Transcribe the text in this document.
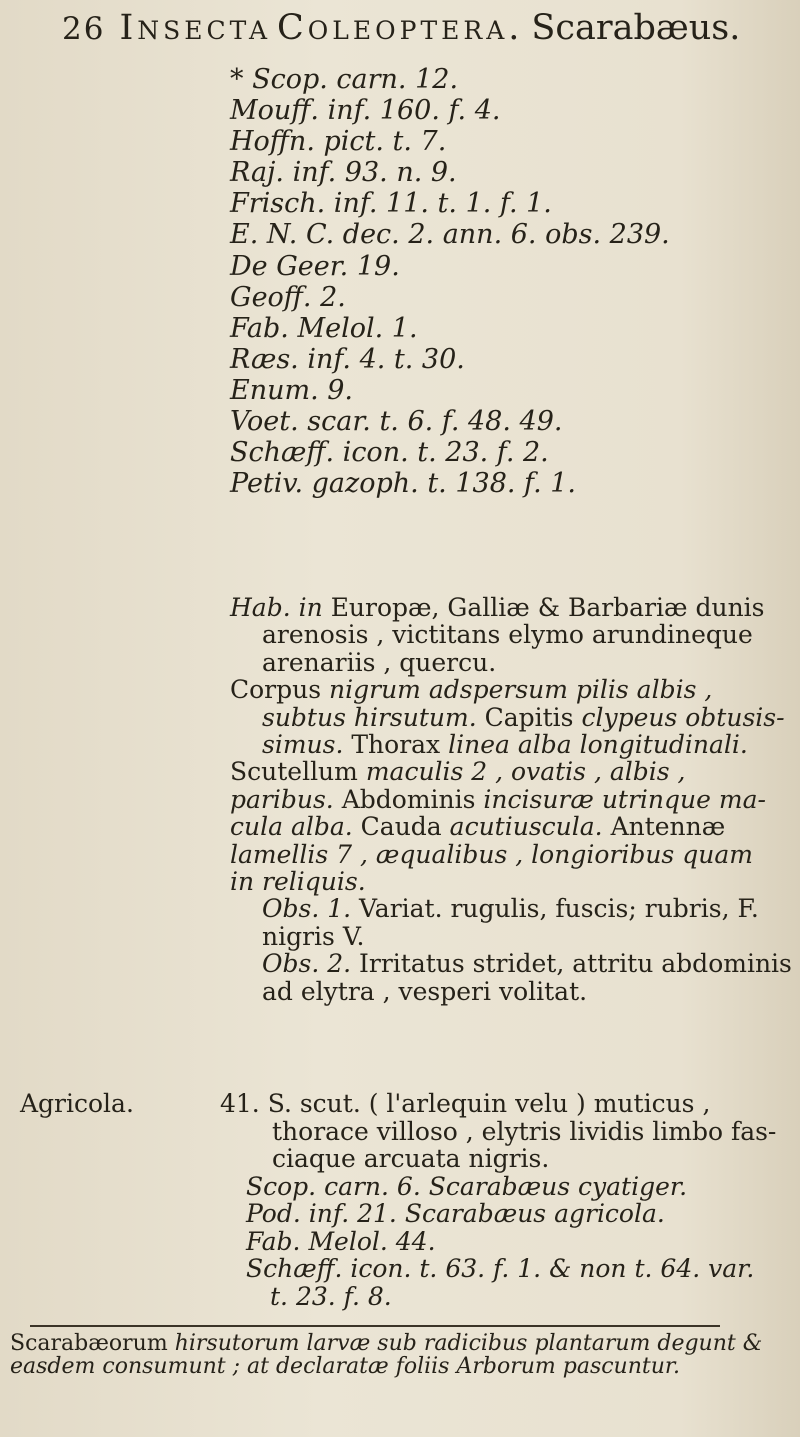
26 Insecta Coleoptera. Scarabæus.
* Scop. carn. 12.
Mouff. inf. 160. f. 4.
Hoffn. pict. t. 7.
Raj. inf. 93. n. 9.
Frisch. inf. 11. t. 1. f. 1.
E. N. C. dec. 2. ann. 6. obs. 239.
De Geer. 19.
Geoff. 2.
Fab. Melol. 1.
Ræs. inf. 4. t. 30.
Enum. 9.
Voet. scar. t. 6. f. 48. 49.
Schæff. icon. t. 23. f. 2.
Petiv. gazoph. t. 138. f. 1.
Hab. in Europæ, Galliæ & Barbariæ dunis
arenosis , victitans elymo arundineque
arenariis , quercu.
Corpus nigrum adspersum pilis albis ,
subtus hirsutum. Capitis clypeus obtusis-
simus. Thorax linea alba longitudinali.
Scutellum maculis 2 , ovatis , albis ,
paribus. Abdominis incisuræ utrinque ma-
cula alba. Cauda acutiusculа. Antennæ
lamellis 7 , æqualibus , longioribus quam
in reliquis.
Obs. 1. Variat. rugulis, fuscis; rubris, F.
nigris V.
Obs. 2. Irritatus stridet, attritu abdominis
ad elytra , vesperi volitat.
Agricola.	41. S. scut. ( l'arlequin velu ) muticus ,
thorace villoso , elytris lividis limbo fas-
ciaque arcuata nigris.
Scop. carn. 6. Scarabæus cyatiger.
Pod. inf. 21. Scarabæus agricola.
Fab. Melol. 44.
Schæff. icon. t. 63. f. 1. & non t. 64. var.
t. 23. f. 8.
Scarabæorum hirsutorum larvæ sub radicibus plantarum degunt &
easdem consumunt ; at declaratæ foliis Arborum pascuntur.
